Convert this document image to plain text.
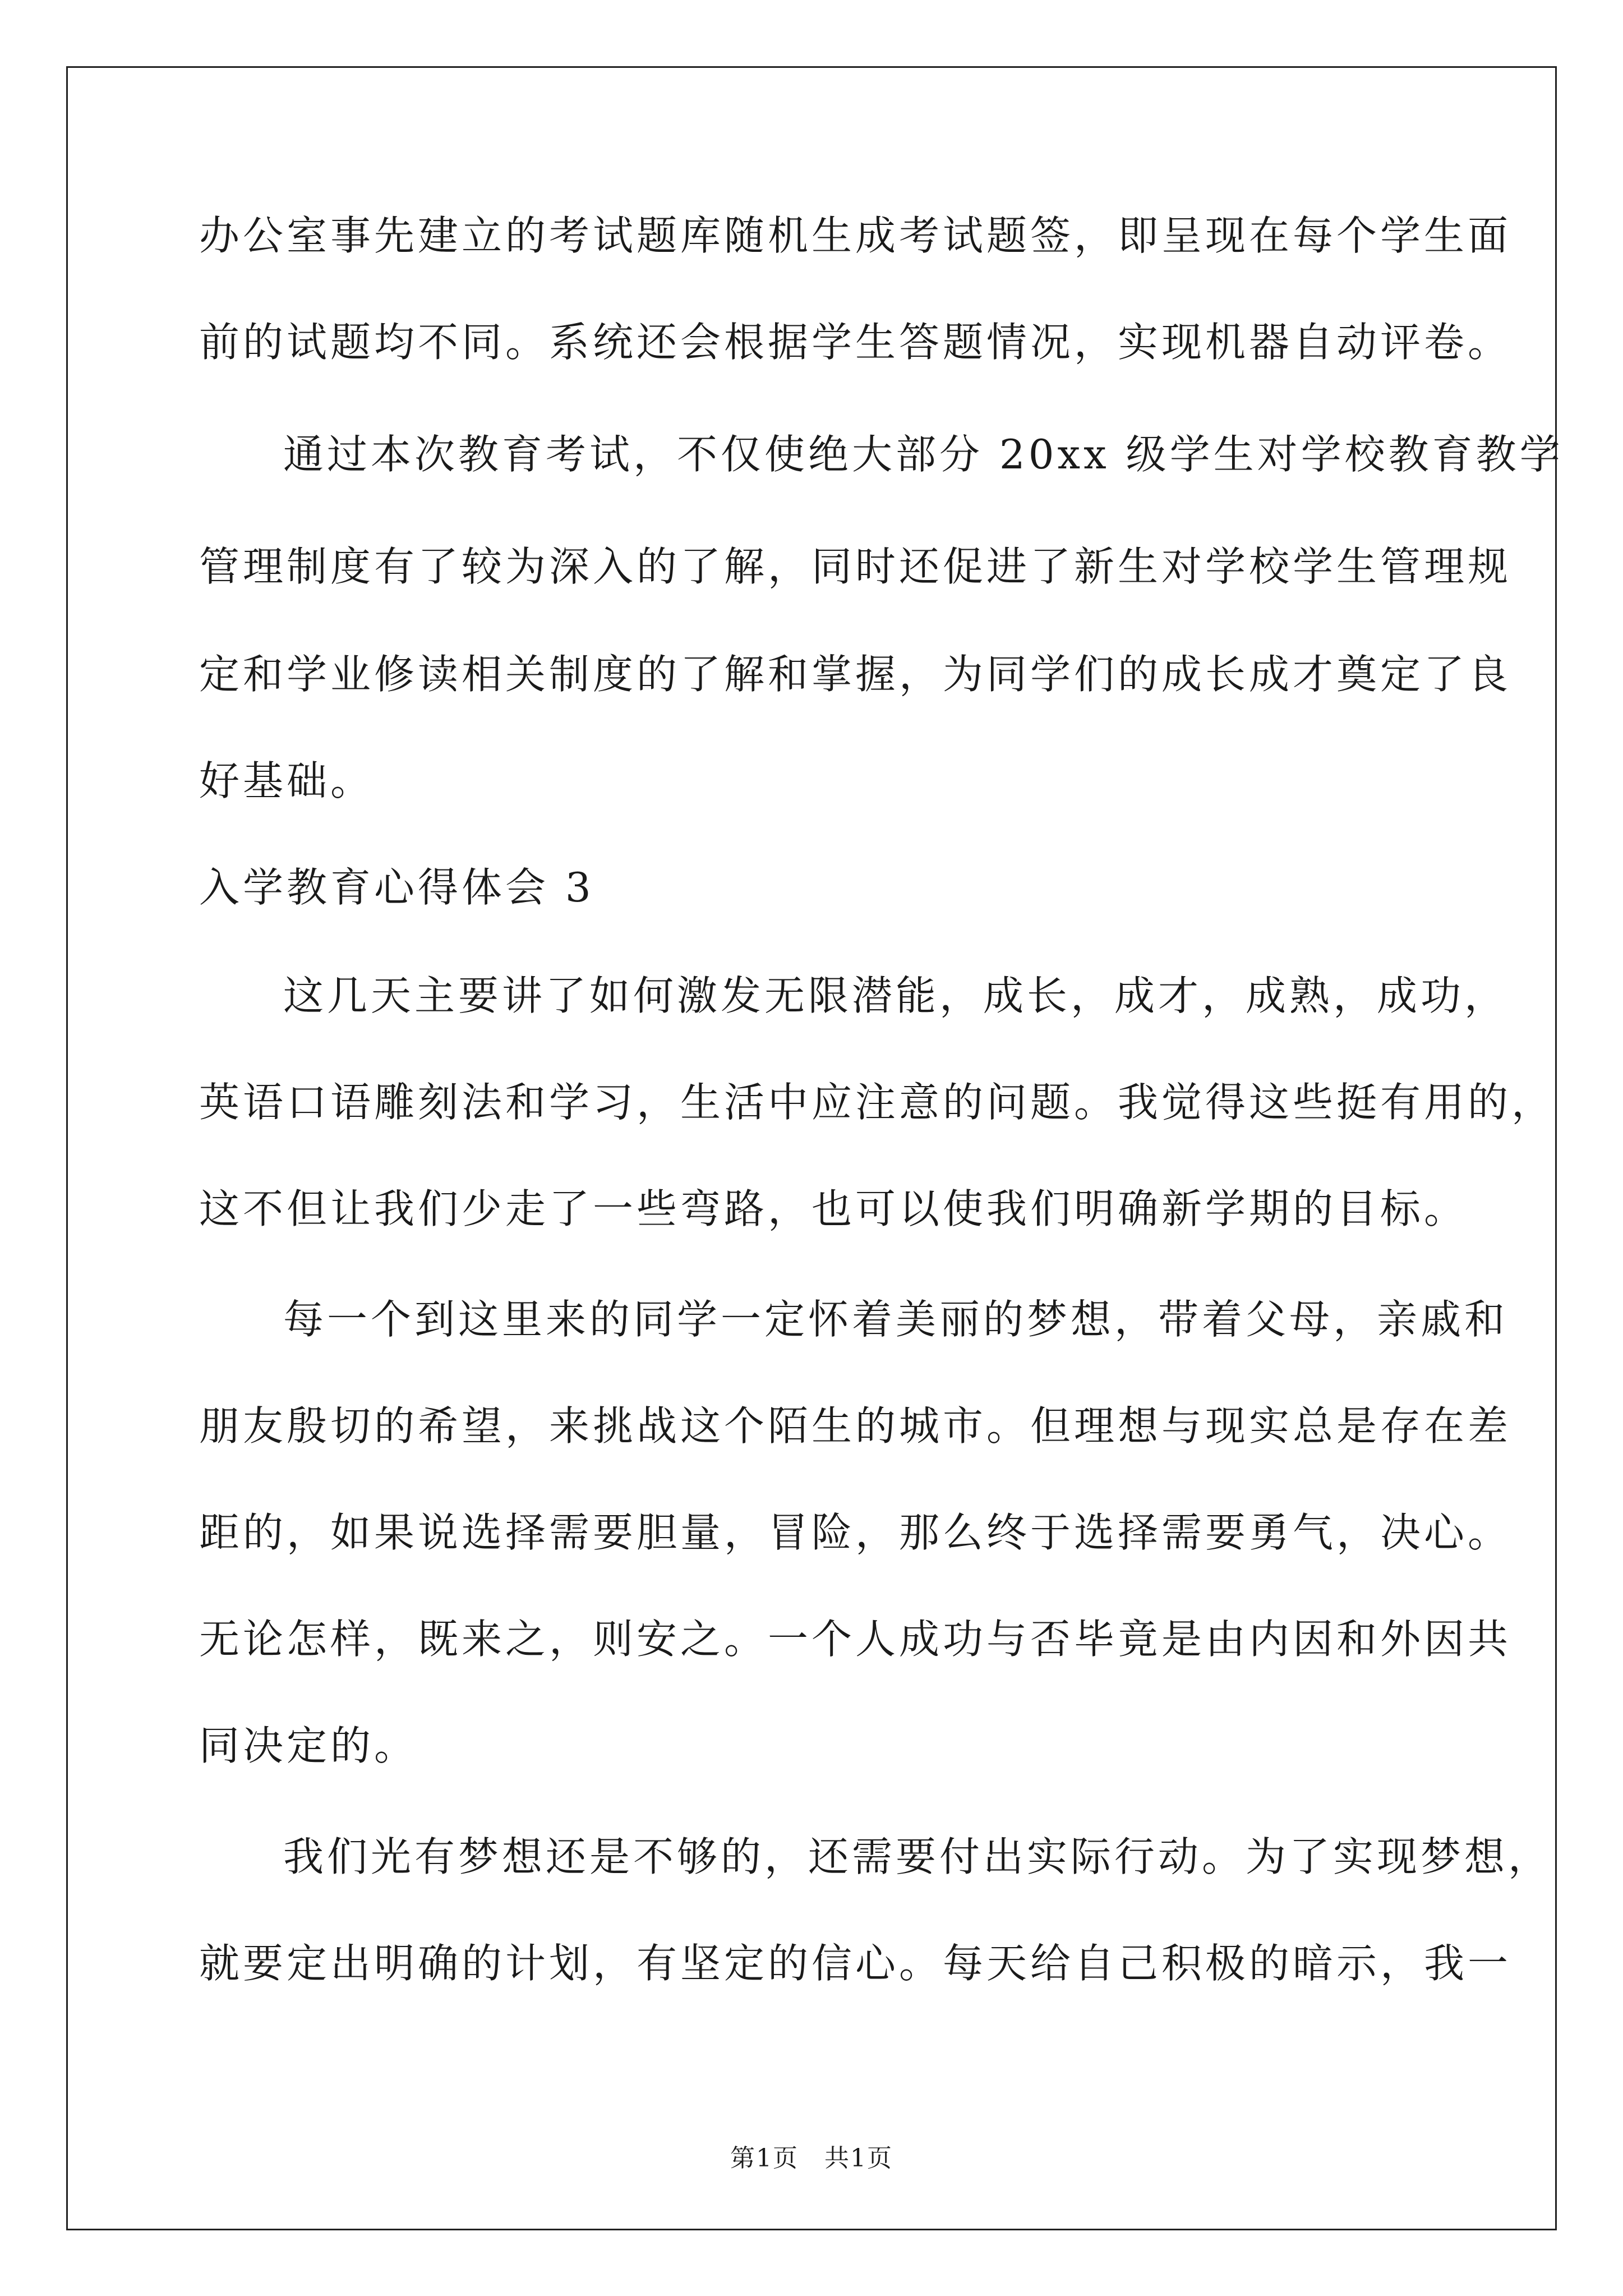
办公室事先建立的考试题库随机生成考试题签，即呈现在每个学生面
前的试题均不同。系统还会根据学生答题情况，实现机器自动评卷。
通过本次教育考试，不仅使绝大部分 20xx 级学生对学校教育教学
管理制度有了较为深入的了解，同时还促进了新生对学校学生管理规
定和学业修读相关制度的了解和掌握，为同学们的成长成才奠定了良
好基础。
入学教育心得体会 3
这几天主要讲了如何激发无限潜能，成长，成才，成熟，成功，
英语口语雕刻法和学习，生活中应注意的问题。我觉得这些挺有用的，
这不但让我们少走了一些弯路，也可以使我们明确新学期的目标。
每一个到这里来的同学一定怀着美丽的梦想，带着父母，亲戚和
朋友殷切的希望，来挑战这个陌生的城市。但理想与现实总是存在差
距的，如果说选择需要胆量，冒险，那么终于选择需要勇气，决心。
无论怎样，既来之，则安之。一个人成功与否毕竟是由内因和外因共
同决定的。
我们光有梦想还是不够的，还需要付出实际行动。为了实现梦想，
就要定出明确的计划，有坚定的信心。每天给自己积极的暗示，我一
第1页　共1页
